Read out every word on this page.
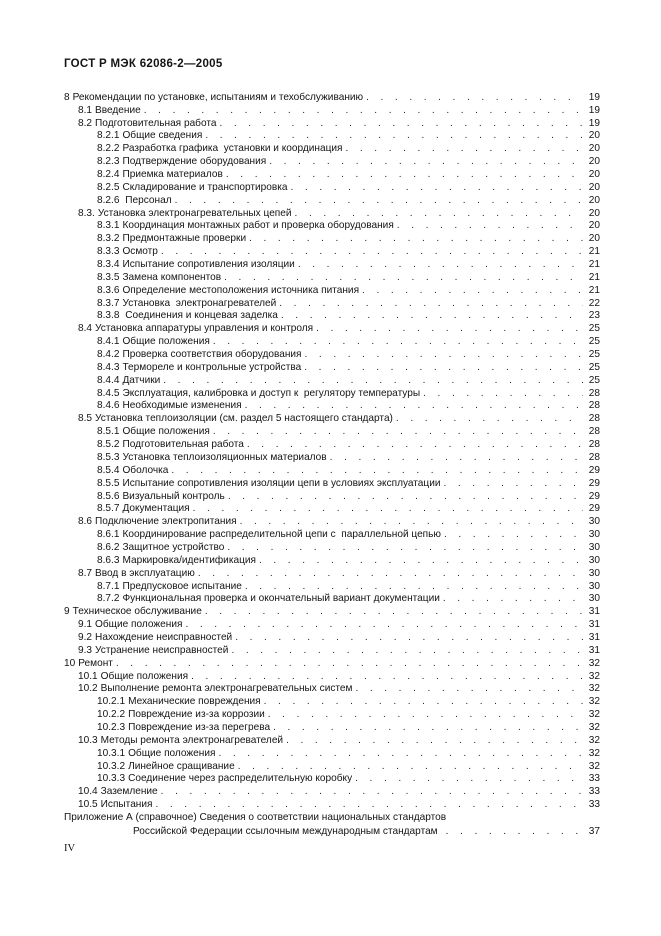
ГОСТ Р МЭК 62086-2—2005
8 Рекомендации по установке, испытаниям и техобслуживанию . . .	19
8.1 Введение . . .	19
8.2 Подготовительная работа . . .	19
8.2.1 Общие сведения . . .	20
8.2.2 Разработка графика  установки и координация . . .	20
8.2.3 Подтверждение оборудования . . .	20
8.2.4 Приемка материалов . . .	20
8.2.5 Складирование и транспортировка . . .	20
8.2.6 Персонал . . .	20
8.3. Установка электронагревательных цепей . . .	20
8.3.1 Координация монтажных работ и проверка оборудования . . .	20
8.3.2 Предмонтажные проверки . . .	20
8.3.3 Осмотр . . .	21
8.3.4 Испытание сопротивления изоляции . . .	21
8.3.5 Замена компонентов . . .	21
8.3.6 Определение местоположения источника питания . . .	21
8.3.7 Установка  электронагревателей . . .	22
8.3.8 Соединения и концевая заделка . . .	23
8.4 Установка аппаратуры управления и контроля . . .	25
8.4.1 Общие положения . . .	25
8.4.2 Проверка соответствия оборудования . . .	25
8.4.3 Термореле и контрольные устройства . . .	25
8.4.4 Датчики . . .	25
8.4.5 Эксплуатация, калибровка и доступ к  регулятору температуры . . .	28
8.4.6 Необходимые изменения . . .	28
8.5 Установка теплоизоляции (см. раздел 5 настоящего стандарта) . . .	28
8.5.1 Общие положения . . .	28
8.5.2 Подготовительная работа . . .	28
8.5.3 Установка теплоизоляционных материалов . . .	28
8.5.4 Оболочка . . .	29
8.5.5 Испытание сопротивления изоляции цепи в условиях эксплуатации . . .	29
8.5.6 Визуальный контроль . . .	29
8.5.7 Документация . . .	29
8.6 Подключение электропитания . . .	30
8.6.1 Координирование распределительной цепи с  параллельной цепью . . .	30
8.6.2 Защитное устройство . . .	30
8.6.3 Маркировка/идентификация . . .	30
8.7 Ввод в эксплуатацию . . .	30
8.7.1 Предпусковое испытание . . .	30
8.7.2 Функциональная проверка и окончательный вариант документации . . .	30
9 Техническое обслуживание . . .	31
9.1 Общие положения . . .	31
9.2 Нахождение неисправностей . . .	31
9.3 Устранение неисправностей . . .	31
10 Ремонт . . .	32
10.1 Общие положения . . .	32
10.2 Выполнение ремонта электронагревательных систем . . .	32
10.2.1 Механические повреждения . . .	32
10.2.2 Повреждение из-за коррозии . . .	32
10.2.3 Повреждение из-за перегрева . . .	32
10.3 Методы ремонта электронагревателей . . .	32
10.3.1 Общие положения . . .	32
10.3.2 Линейное сращивание . . .	32
10.3.3 Соединение через распределительную коробку . . .	33
10.4 Заземление . . .	33
10.5 Испытания . . .	33
Приложение А (справочное) Сведения о соответствии национальных стандартов
Российской Федерации ссылочным международным стандартам . . .	37
IV
